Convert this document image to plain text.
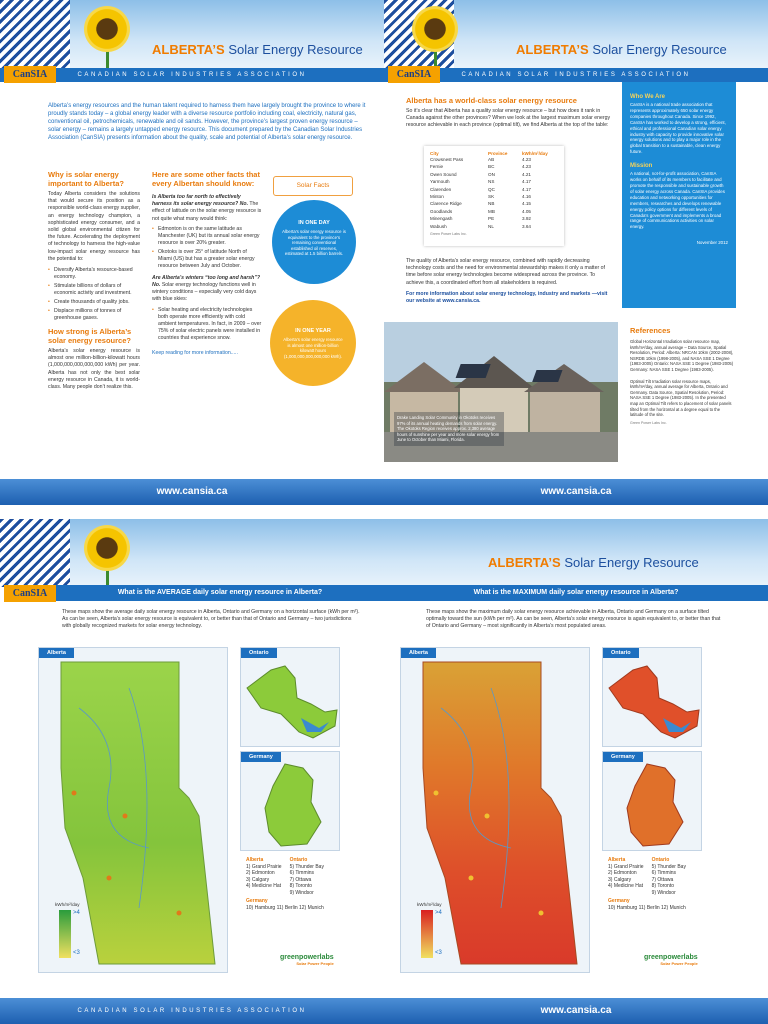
ALBERTA’S Solar Energy Resource
CANADIAN SOLAR INDUSTRIES ASSOCIATION
CanSIA

Alberta’s energy resources and the human talent required to harness them have largely brought the province to where it proudly stands today – a global energy leader with a diverse resource portfolio including coal, electricity, natural gas, conventional oil, petrochemicals, renewable and oil sands. However, the province’s largest proven energy resource – solar energy – remains a largely untapped energy resource. This document prepared by the Canadian Solar Industries Association (CanSIA) presents information about the quality, scale and potential of Alberta’s solar energy resource.

Why is solar energy important to Alberta?

Today Alberta considers the solutions that would secure its position as a responsible world-class energy supplier, an energy technology champion, a sophisticated energy consumer, and a solid global environmental citizen for the future. Accelerating the deployment of technology to harness the high-value low-impact solar energy resource has the potential to:

• Diversify Alberta’s resource-based economy.
• Stimulate billions of dollars of economic activity and investment.
• Create thousands of quality jobs.
• Displace millions of tonnes of greenhouse gases.
How strong is Alberta’s solar energy resource?

Alberta’s solar energy resource is almost one million-billion-kilowatt hours (1,000,000,000,000,000 kWh) per year. Alberta has not only the best solar energy resource in Canada, it is world-class. Many people don’t realize this.

Here are some other facts that every Albertan should know:

Is Alberta too far north to effectively harness its solar energy resource? No. The effect of latitude on the solar energy resource is not quite what many would think:

• Edmonton is on the same latitude as Manchester (UK) but its annual solar energy resource is over 20% greater.
• Okotoks is over 25° of latitude North of Miami (US) but has a greater solar energy resource between July and October.

Are Alberta’s winters “too long and harsh”? No. Solar energy technology functions well in wintery conditions – especially very cold days with blue skies:

• Solar heating and electricity technologies both operate more efficiently with cold ambient temperatures. In fact, in 2009 – over 75% of solar electric panels were installed in countries that experience snow.

Keep reading for more information.....

Solar Facts
IN ONE DAY
Alberta’s solar energy resource is equivalent to the province’s remaining conventional established oil reserves, estimated at 1.5 billion barrels.
IN ONE YEAR
Alberta’s solar energy resource is almost one million-billion kilowatt hours (1,000,000,000,000,000 kWh).
www.cansia.ca
ALBERTA’S Solar Energy Resource
CANADIAN SOLAR INDUSTRIES ASSOCIATION
CanSIA
Alberta has a world-class solar energy resource

So it’s clear that Alberta has a quality solar energy resource – but how does it rank in Canada against the other provinces? When we look at the largest maximum solar energy resource achievable in each province (optimal tilt), we find Alberta at the top of the table:

City	Province	kWh/m²/day
Crowsnest Pass	AB	4.23
Fernie	BC	4.23
Owen Sound	ON	4.21
Yarmouth	NS	4.17
Clarenden	QC	4.17
Minton	SK	4.16
Clarence Ridge	NB	4.15
Goodlands	MB	4.05
Minengash	PE	3.92
Wabush	NL	3.64
Green Power Labs Inc.

The quality of Alberta’s solar energy resource, combined with rapidly decreasing technology costs and the need for environmental stewardship makes it only a matter of time before solar energy technologies become widespread across the province. To achieve this, a coordinated effort from all stakeholders is required.

For more information about solar energy technology, industry and markets —visit our website at www.cansia.ca.

Drake Landing Solar Community in Okotoks receives 97% of its annual heating demands from solar energy. The Okotoks Region receives approx. 2,380 average hours of sunshine per year and more solar energy from June to October than Miami, Florida.
Who We Are

CanSIA is a national trade association that represents approximately 650 solar energy companies throughout Canada. Since 1992, CanSIA has worked to develop a strong, efficient, ethical and professional Canadian solar energy industry with capacity to provide innovative solar energy solutions and to play a major role in the global transition to a sustainable, clean energy future.

Mission

A national, not-for-profit association, CanSIA works on behalf of its members to facilitate and promote the responsible and sustainable growth of solar energy across Canada. CanSIA provides education and networking opportunities for members, researches and develops renewable energy policy options for different levels of Canada’s government and implements a broad range of communications activities on solar energy.

November 2012
References

Global Horizontal Irradiation solar resource map, kWh/m²/day, annual average – Data Source, Spatial Resolution, Period: Alberta: NRCAN 10km (2002-2008), NSRDB 10km (1998-2005), and NASA SSE 1 Degree (1983-2005) Ontario: NASA SSE 1 Degree (1983-2005) Germany: NASA SSE 1 Degree (1983-2005).

Optimal Tilt Irradiation solar resource maps, kWh/m²/day, annual average for Alberta, Ontario and Germany. Data Source, Spatial Resolution, Period: NASA SSE 1 Degree (1983-2005). In the presented map an Optimal Tilt refers to placement of solar panels tilted from the horizontal at a degree equal to the latitude of the site.

Green Power Labs Inc.

www.cansia.ca
CanSIA	What is the AVERAGE daily solar energy resource in Alberta?

These maps show the average daily solar energy resource in Alberta, Ontario and Germany on a horizontal surface (kWh per m²). As can be seen, Alberta’s solar energy resource is equivalent to, or better than that of Ontario and Germany – two jurisdictions with globally recognized markets for solar energy technology.

Alberta
kWh/m²/day
>4
<3
Ontario
Germany
Alberta
1) Grand Prairie
2) Edmonton
3) Calgary
4) Medicine Hat
Ontario
5) Thunder Bay
6) Timmins
7) Ottawa
8) Toronto
9) Windsor
Germany
10) Hamburg 11) Berlin 12) Munich
greenpowerlabs
Solar Power People
CANADIAN SOLAR INDUSTRIES ASSOCIATION
ALBERTA’S Solar Energy Resource
What is the MAXIMUM daily solar energy resource in Alberta?

These maps show the maximum daily solar energy resource achievable in Alberta, Ontario and Germany on a surface tilted optimally toward the sun (kWh per m²). As can be seen, Alberta’s solar energy resource is again equivalent to, or better than that of Ontario and Germany – most significantly in Alberta’s most populated areas.

Alberta
kWh/m²/day
>4
<3
Ontario
Germany
Alberta
1) Grand Prairie
2) Edmonton
3) Calgary
4) Medicine Hat
Ontario
5) Thunder Bay
6) Timmins
7) Ottawa
8) Toronto
9) Windsor
Germany
10) Hamburg 11) Berlin 12) Munich
greenpowerlabs
Solar Power People
www.cansia.ca
